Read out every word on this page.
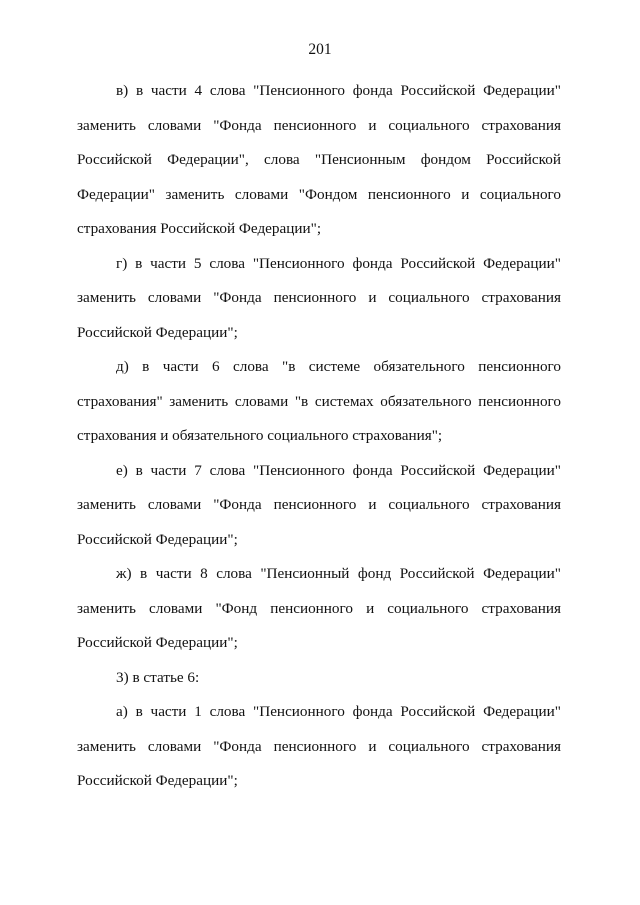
201

в) в части 4 слова "Пенсионного фонда Российской Федерации" заменить словами "Фонда пенсионного и социального страхования Российской Федерации", слова "Пенсионным фондом Российской Федерации" заменить словами "Фондом пенсионного и социального страхования Российской Федерации";

г) в части 5 слова "Пенсионного фонда Российской Федерации" заменить словами "Фонда пенсионного и социального страхования Российской Федерации";

д) в части 6 слова "в системе обязательного пенсионного страхования" заменить словами "в системах обязательного пенсионного страхования и обязательного социального страхования";

е) в части 7 слова "Пенсионного фонда Российской Федерации" заменить словами "Фонда пенсионного и социального страхования Российской Федерации";

ж) в части 8 слова "Пенсионный фонд Российской Федерации" заменить словами "Фонд пенсионного и социального страхования Российской Федерации";

3) в статье 6:

а) в части 1 слова "Пенсионного фонда Российской Федерации" заменить словами "Фонда пенсионного и социального страхования Российской Федерации";
